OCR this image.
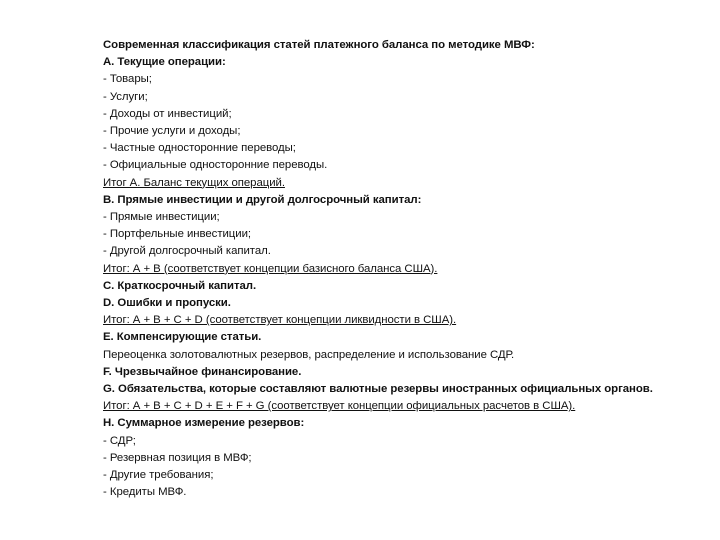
Современная классификация статей платежного баланса по методике МВФ:
А. Текущие операции:
- Товары;
- Услуги;
- Доходы от инвестиций;
- Прочие услуги и доходы;
- Частные односторонние переводы;
- Официальные односторонние переводы.
Итог А. Баланс текущих операций.
В. Прямые инвестиции и другой долгосрочный капитал:
- Прямые инвестиции;
- Портфельные инвестиции;
- Другой долгосрочный капитал.
Итог: А + В (соответствует концепции базисного баланса США).
С. Краткосрочный капитал.
D. Ошибки и пропуски.
Итог: А + В + С + D (соответствует концепции ликвидности в США).
Е. Компенсирующие статьи.
Переоценка золотовалютных резервов, распределение и использование СДР.
F. Чрезвычайное финансирование.
G. Обязательства, которые составляют валютные резервы иностранных официальных органов.
Итог: А + В + С + D + Е + F + G (соответствует концепции официальных расчетов в США).
Н. Суммарное измерение резервов:
- СДР;
- Резервная позиция в МВФ;
- Другие требования;
- Кредиты МВФ.
